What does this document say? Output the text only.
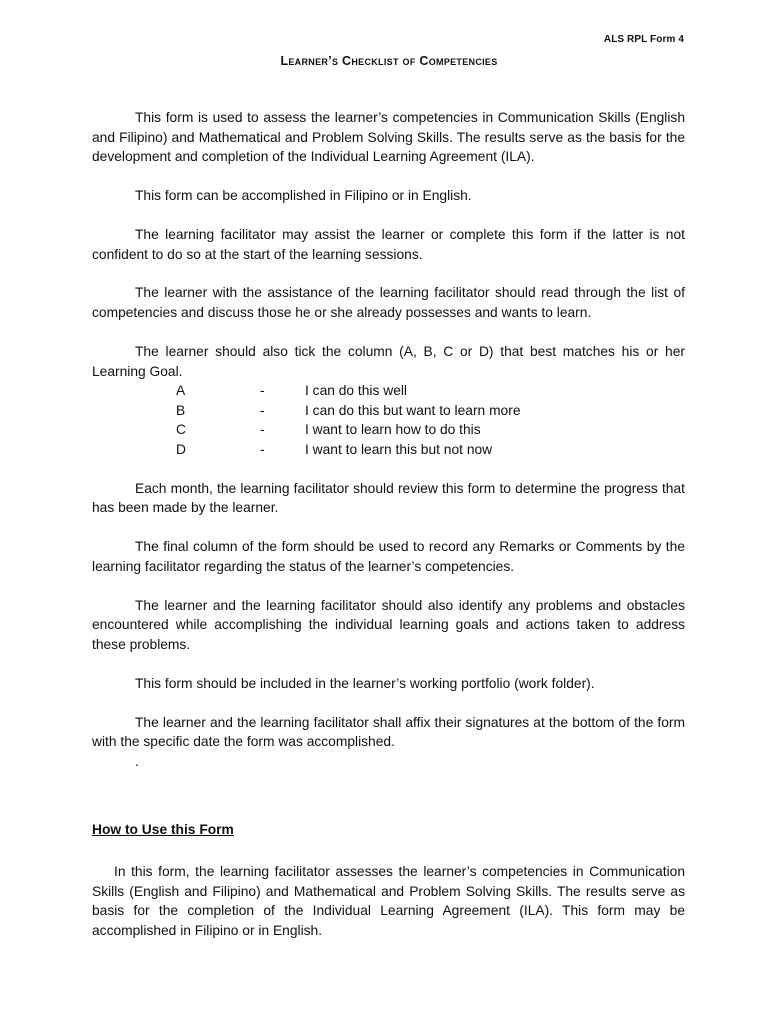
ALS RPL Form 4
Learner’s Checklist of Competencies

This form is used to assess the learner’s competencies in Communication Skills (English and Filipino) and Mathematical and Problem Solving Skills. The results serve as the basis for the development and completion of the Individual Learning Agreement (ILA).

This form can be accomplished in Filipino or in English.

The learning facilitator may assist the learner or complete this form if the latter is not confident to do so at the start of the learning sessions.

The learner with the assistance of the learning facilitator should read through the list of competencies and discuss those he or she already possesses and wants to learn.

The learner should also tick the column (A, B, C or D) that best matches his or her Learning Goal.

A	-	I can do this well
B	-	I can do this but want to learn more
C	-	I want to learn how to do this
D	-	I want to learn this but not now

Each month, the learning facilitator should review this form to determine the progress that has been made by the learner.

The final column of the form should be used to record any Remarks or Comments by the learning facilitator regarding the status of the learner’s competencies.

The learner and the learning facilitator should also identify any problems and obstacles encountered while accomplishing the individual learning goals and actions taken to address these problems.

This form should be included in the learner’s working portfolio (work folder).

The learner and the learning facilitator shall affix their signatures at the bottom of the form with the specific date the form was accomplished.

.
How to Use this Form

In this form, the learning facilitator assesses the learner’s competencies in Communication Skills (English and Filipino) and Mathematical and Problem Solving Skills. The results serve as basis for the completion of the Individual Learning Agreement (ILA). This form may be accomplished in Filipino or in English.
